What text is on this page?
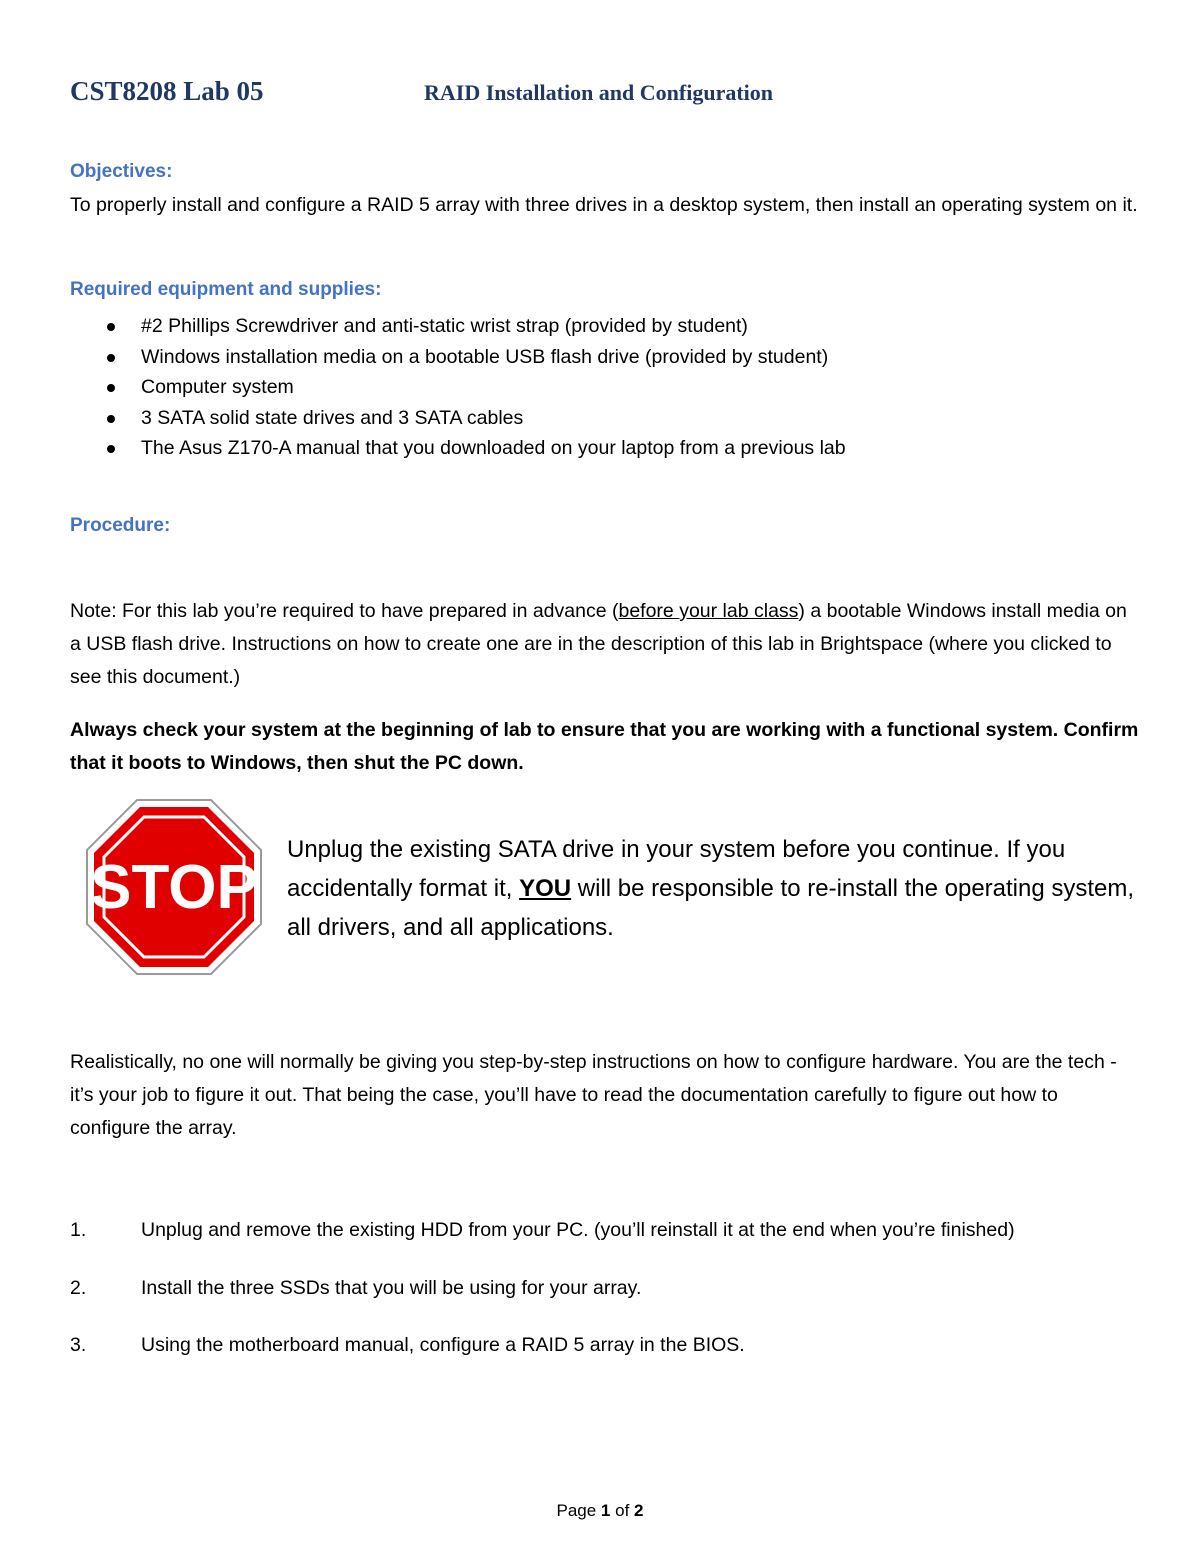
CST8208 Lab 05	RAID Installation and Configuration
Objectives:
To properly install and configure a RAID 5 array with three drives in a desktop system, then install an operating system on it.
Required equipment and supplies:
#2 Phillips Screwdriver and anti-static wrist strap (provided by student)
Windows installation media on a bootable USB flash drive (provided by student)
Computer system
3 SATA solid state drives and 3 SATA cables
The Asus Z170-A manual that you downloaded on your laptop from a previous lab
Procedure:
Note: For this lab you’re required to have prepared in advance (before your lab class) a bootable Windows install media on a USB flash drive. Instructions on how to create one are in the description of this lab in Brightspace (where you clicked to see this document.)
Always check your system at the beginning of lab to ensure that you are working with a functional system. Confirm that it boots to Windows, then shut the PC down.
STOP
Unplug the existing SATA drive in your system before you continue. If you accidentally format it, YOU will be responsible to re-install the operating system, all drivers, and all applications.
Realistically, no one will normally be giving you step-by-step instructions on how to configure hardware. You are the tech - it’s your job to figure it out. That being the case, you’ll have to read the documentation carefully to figure out how to configure the array.
1.	Unplug and remove the existing HDD from your PC. (you’ll reinstall it at the end when you’re finished)
2.	Install the three SSDs that you will be using for your array.
3.	Using the motherboard manual, configure a RAID 5 array in the BIOS.
Page 1 of 2
